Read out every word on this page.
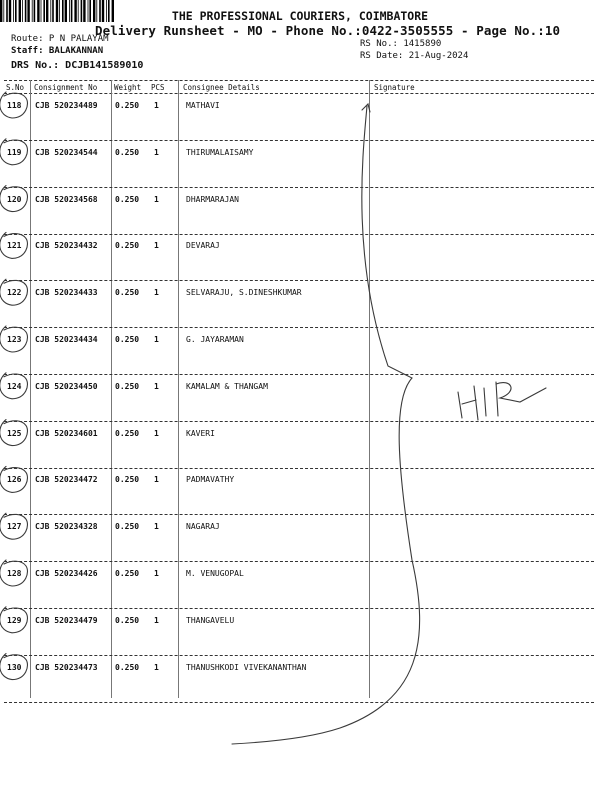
THE PROFESSIONAL COURIERS, COIMBATORE
Delivery Runsheet - MO - Phone No.:0422-3505555 - Page No.:10
Route: P N PALAYAM
Staff: BALAKANNAN
DRS No.: DCJB141589010
RS No.: 1415890
RS Date: 21-Aug-2024
S.No Consignment No Weight PCS Consignee Details	Signature
118 CJB 520234489 0.250 1	MATHAVI
119 CJB 520234544 0.250 1	THIRUMALAISAMY
120 CJB 520234568 0.250 1	DHARMARAJAN
121 CJB 520234432 0.250 1	DEVARAJ
122 CJB 520234433 0.250 1	SELVARAJU, S.DINESHKUMAR
123 CJB 520234434 0.250 1	G. JAYARAMAN
124 CJB 520234450 0.250 1	KAMALAM & THANGAM
125 CJB 520234601 0.250 1	KAVERI
126 CJB 520234472 0.250 1	PADMAVATHY
127 CJB 520234328 0.250 1	NAGARAJ
128 CJB 520234426 0.250 1	M. VENUGOPAL
129 CJB 520234479 0.250 1	THANGAVELU
130 CJB 520234473 0.250 1	THANUSHKODI VIVEKANANTHAN
